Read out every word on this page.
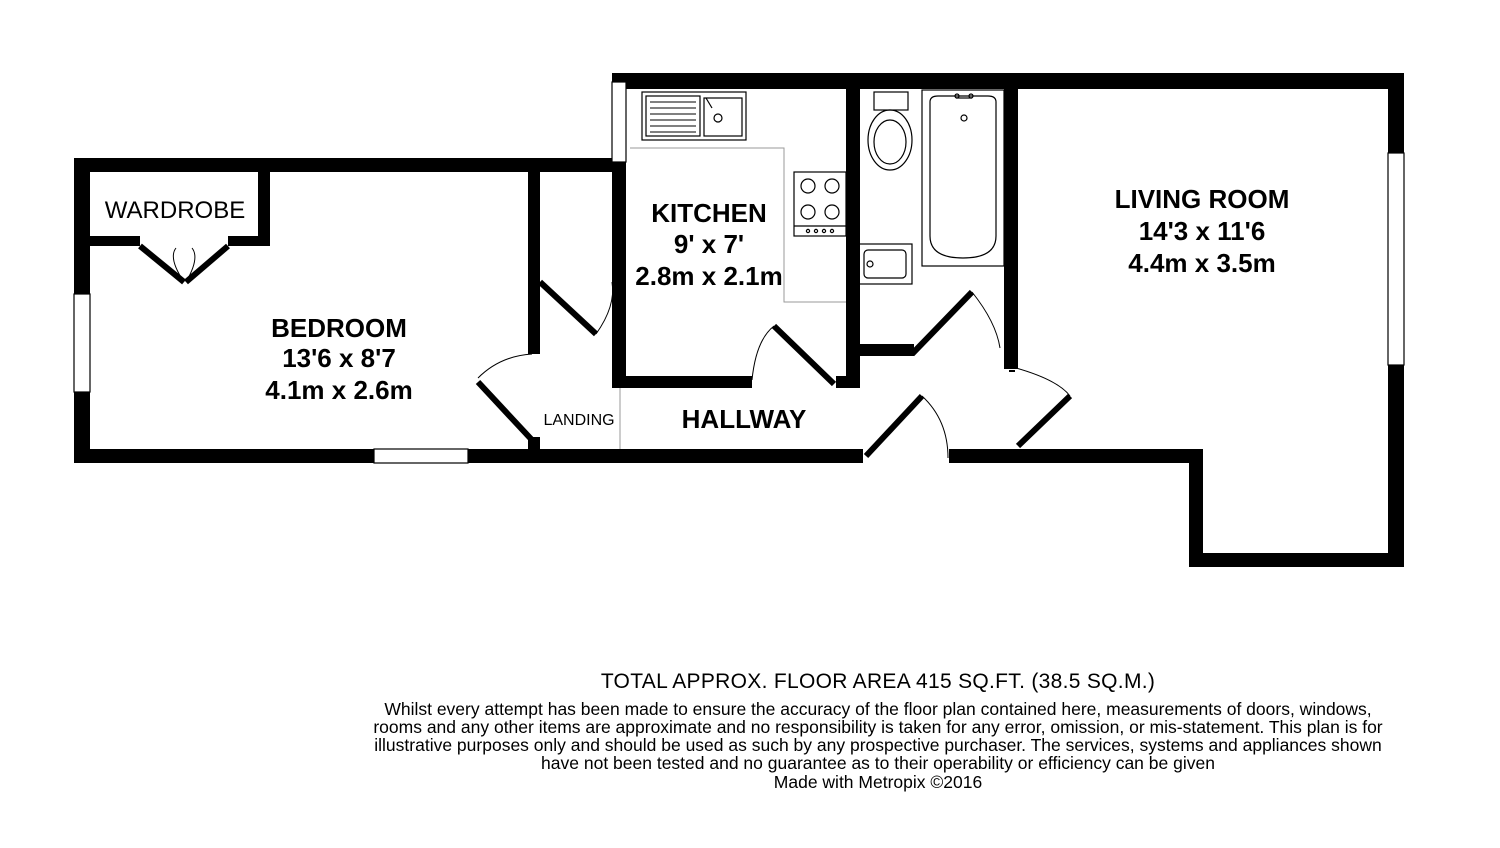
WARDROBE
BEDROOM
13'6 x 8'7
4.1m x 2.6m
KITCHEN
9' x 7'
2.8m x 2.1m
LIVING ROOM
14'3 x 11'6
4.4m x 3.5m
LANDING	HALLWAY

TOTAL APPROX. FLOOR AREA 415 SQ.FT. (38.5 SQ.M.)

Whilst every attempt has been made to ensure the accuracy of the floor plan contained here, measurements of doors, windows, rooms and any other items are approximate and no responsibility is taken for any error, omission, or mis-statement. This plan is for illustrative purposes only and should be used as such by any prospective purchaser. The services, systems and appliances shown have not been tested and no guarantee as to their operability or efficiency can be given

Made with Metropix ©2016
